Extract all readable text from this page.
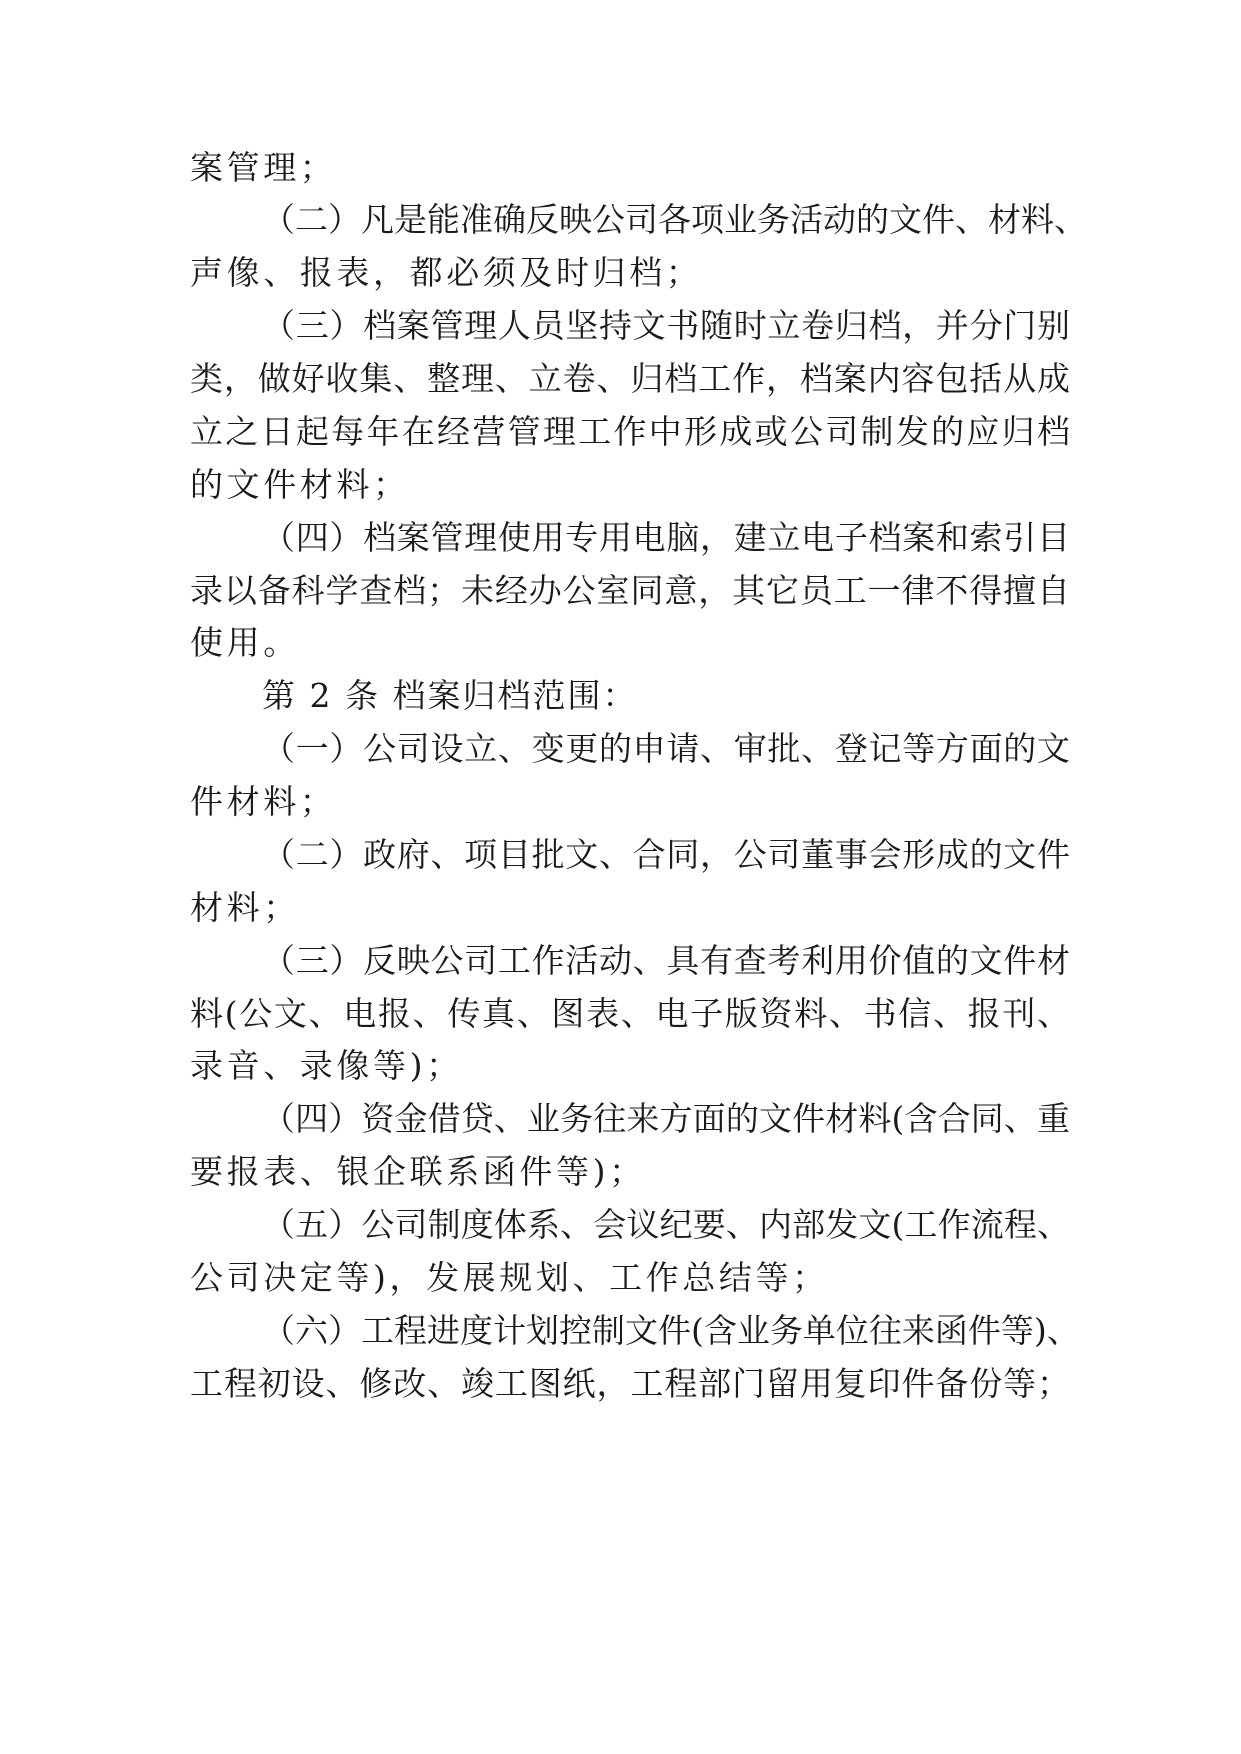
案管理；
（二）凡是能准确反映公司各项业务活动的文件、材料、
声像、报表，都必须及时归档；
（三）档案管理人员坚持文书随时立卷归档，并分门别
类，做好收集、整理、立卷、归档工作，档案内容包括从成
立之日起每年在经营管理工作中形成或公司制发的应归档
的文件材料；
（四）档案管理使用专用电脑，建立电子档案和索引目
录以备科学查档；未经办公室同意，其它员工一律不得擅自
使用。
第 2 条 档案归档范围：
（一）公司设立、变更的申请、审批、登记等方面的文
件材料；
（二）政府、项目批文、合同，公司董事会形成的文件
材料；
（三）反映公司工作活动、具有查考利用价值的文件材
料(公文、电报、传真、图表、电子版资料、书信、报刊、
录音、录像等)；
（四）资金借贷、业务往来方面的文件材料(含合同、重
要报表、银企联系函件等)；
（五）公司制度体系、会议纪要、内部发文(工作流程、
公司决定等)，发展规划、工作总结等；
（六）工程进度计划控制文件(含业务单位往来函件等)、
工程初设、修改、竣工图纸，工程部门留用复印件备份等；
